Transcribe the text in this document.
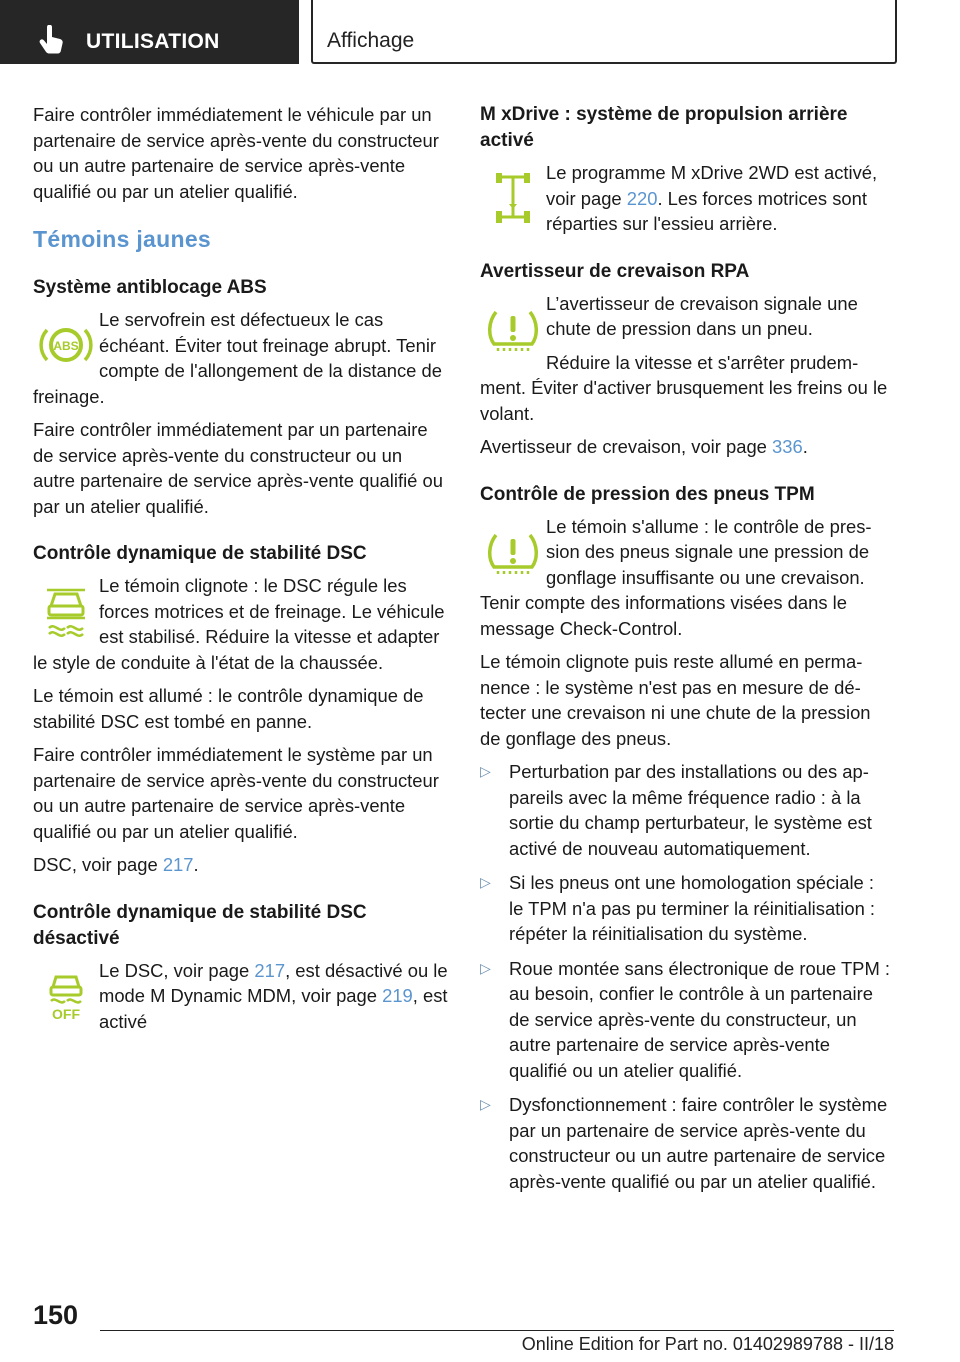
UTILISATION	Affichage

Faire contrôler immédiatement le véhicule par un partenaire de service après-vente du constructeur ou un autre partenaire de service après-vente qualifié ou par un atelier qualifié.

Témoins jaunes
Système antiblocage ABS
ABS

Le servofrein est défectueux le cas échéant. Éviter tout freinage abrupt. Tenir compte de l'allongement de la distance de freinage.

Faire contrôler immédiatement par un partenaire de service après-vente du constructeur ou un autre partenaire de service après-vente qualifié ou par un atelier qualifié.

Contrôle dynamique de stabilité DSC

Le témoin clignote : le DSC régule les forces motrices et de freinage. Le véhicule est stabilisé. Réduire la vitesse et adapter le style de conduite à l'état de la chaussée.

Le témoin est allumé : le contrôle dynamique de stabilité DSC est tombé en panne.

Faire contrôler immédiatement le système par un partenaire de service après-vente du constructeur ou un autre partenaire de service après-vente qualifié ou par un atelier qualifié.

DSC, voir page 217.

Contrôle dynamique de stabilité DSC désactivé
OFF

Le DSC, voir page 217, est désactivé ou le mode M Dynamic MDM, voir page 219, est activé

M xDrive : système de propulsion arrière activé

Le programme M xDrive 2WD est activé, voir page 220. Les forces motrices sont réparties sur l'essieu arrière.

Avertisseur de crevaison RPA

L’avertisseur de crevaison signale une chute de pression dans un pneu.

Réduire la vitesse et s'arrêter prudemment. Éviter d'activer brusquement les freins ou le volant.

Avertisseur de crevaison, voir page 336.

Contrôle de pression des pneus TPM

Le témoin s'allume : le contrôle de pression des pneus signale une pression de gonflage insuffisante ou une crevaison. Tenir compte des informations visées dans le message Check-Control.

Le témoin clignote puis reste allumé en permanence : le système n'est pas en mesure de détecter une crevaison ni une chute de la pression de gonflage des pneus.

▷ Perturbation par des installations ou des appareils avec la même fréquence radio : à la sortie du champ perturbateur, le système est activé de nouveau automatiquement.
▷ Si les pneus ont une homologation spéciale : le TPM n'a pas pu terminer la réinitialisation : répéter la réinitialisation du système.
▷ Roue montée sans électronique de roue TPM : au besoin, confier le contrôle à un partenaire de service après-vente du constructeur, un autre partenaire de service après-vente qualifié ou un atelier qualifié.
▷ Dysfonctionnement : faire contrôler le système par un partenaire de service après-vente du constructeur ou un autre partenaire de service après-vente qualifié ou par un atelier qualifié.
150
Online Edition for Part no. 01402989788 - II/18
